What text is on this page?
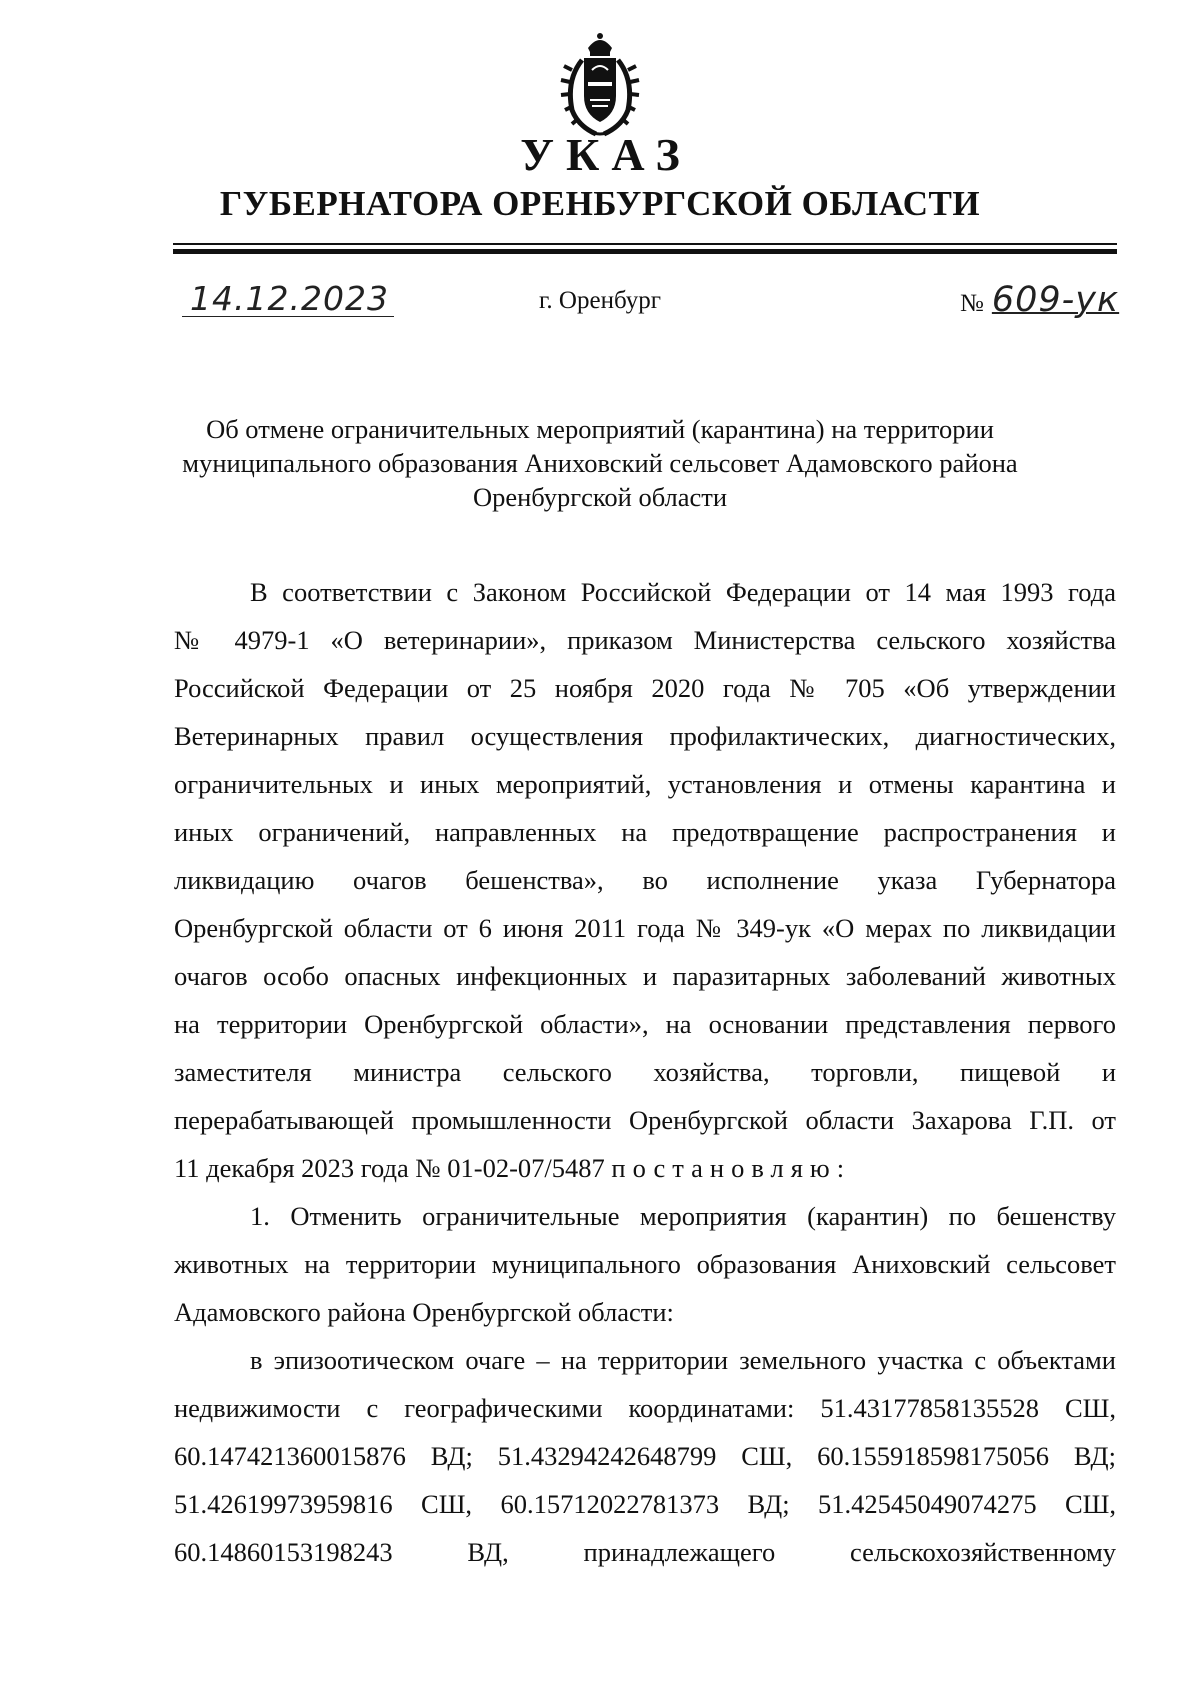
УКАЗ
ГУБЕРНАТОРА ОРЕНБУРГСКОЙ ОБЛАСТИ
14.12.2023	г. Оренбург	№ 609-ук
Об отмене ограничительных мероприятий (карантина) на территории
муниципального образования Аниховский сельсовет Адамовского района
Оренбургской области
В соответствии с Законом Российской Федерации от 14 мая 1993 года
№ 4979-1 «О ветеринарии», приказом Министерства сельского хозяйства
Российской Федерации от 25 ноября 2020 года № 705 «Об утверждении
Ветеринарных правил осуществления профилактических, диагностических,
ограничительных и иных мероприятий, установления и отмены карантина и
иных ограничений, направленных на предотвращение распространения и
ликвидацию очагов бешенства», во исполнение указа Губернатора
Оренбургской области от 6 июня 2011 года № 349-ук «О мерах по ликвидации
очагов особо опасных инфекционных и паразитарных заболеваний животных
на территории Оренбургской области», на основании представления первого
заместителя министра сельского хозяйства, торговли, пищевой и
перерабатывающей промышленности Оренбургской области Захарова Г.П. от
11 декабря 2023 года № 01-02-07/5487 постановляю:
1. Отменить ограничительные мероприятия (карантин) по бешенству
животных на территории муниципального образования Аниховский сельсовет
Адамовского района Оренбургской области:
в эпизоотическом очаге – на территории земельного участка с объектами
недвижимости с географическими координатами: 51.43177858135528 СШ,
60.147421360015876 ВД; 51.43294242648799 СШ, 60.155918598175056 ВД;
51.42619973959816 СШ, 60.15712022781373 ВД; 51.42545049074275 СШ,
60.14860153198243 ВД, принадлежащего сельскохозяйственному
